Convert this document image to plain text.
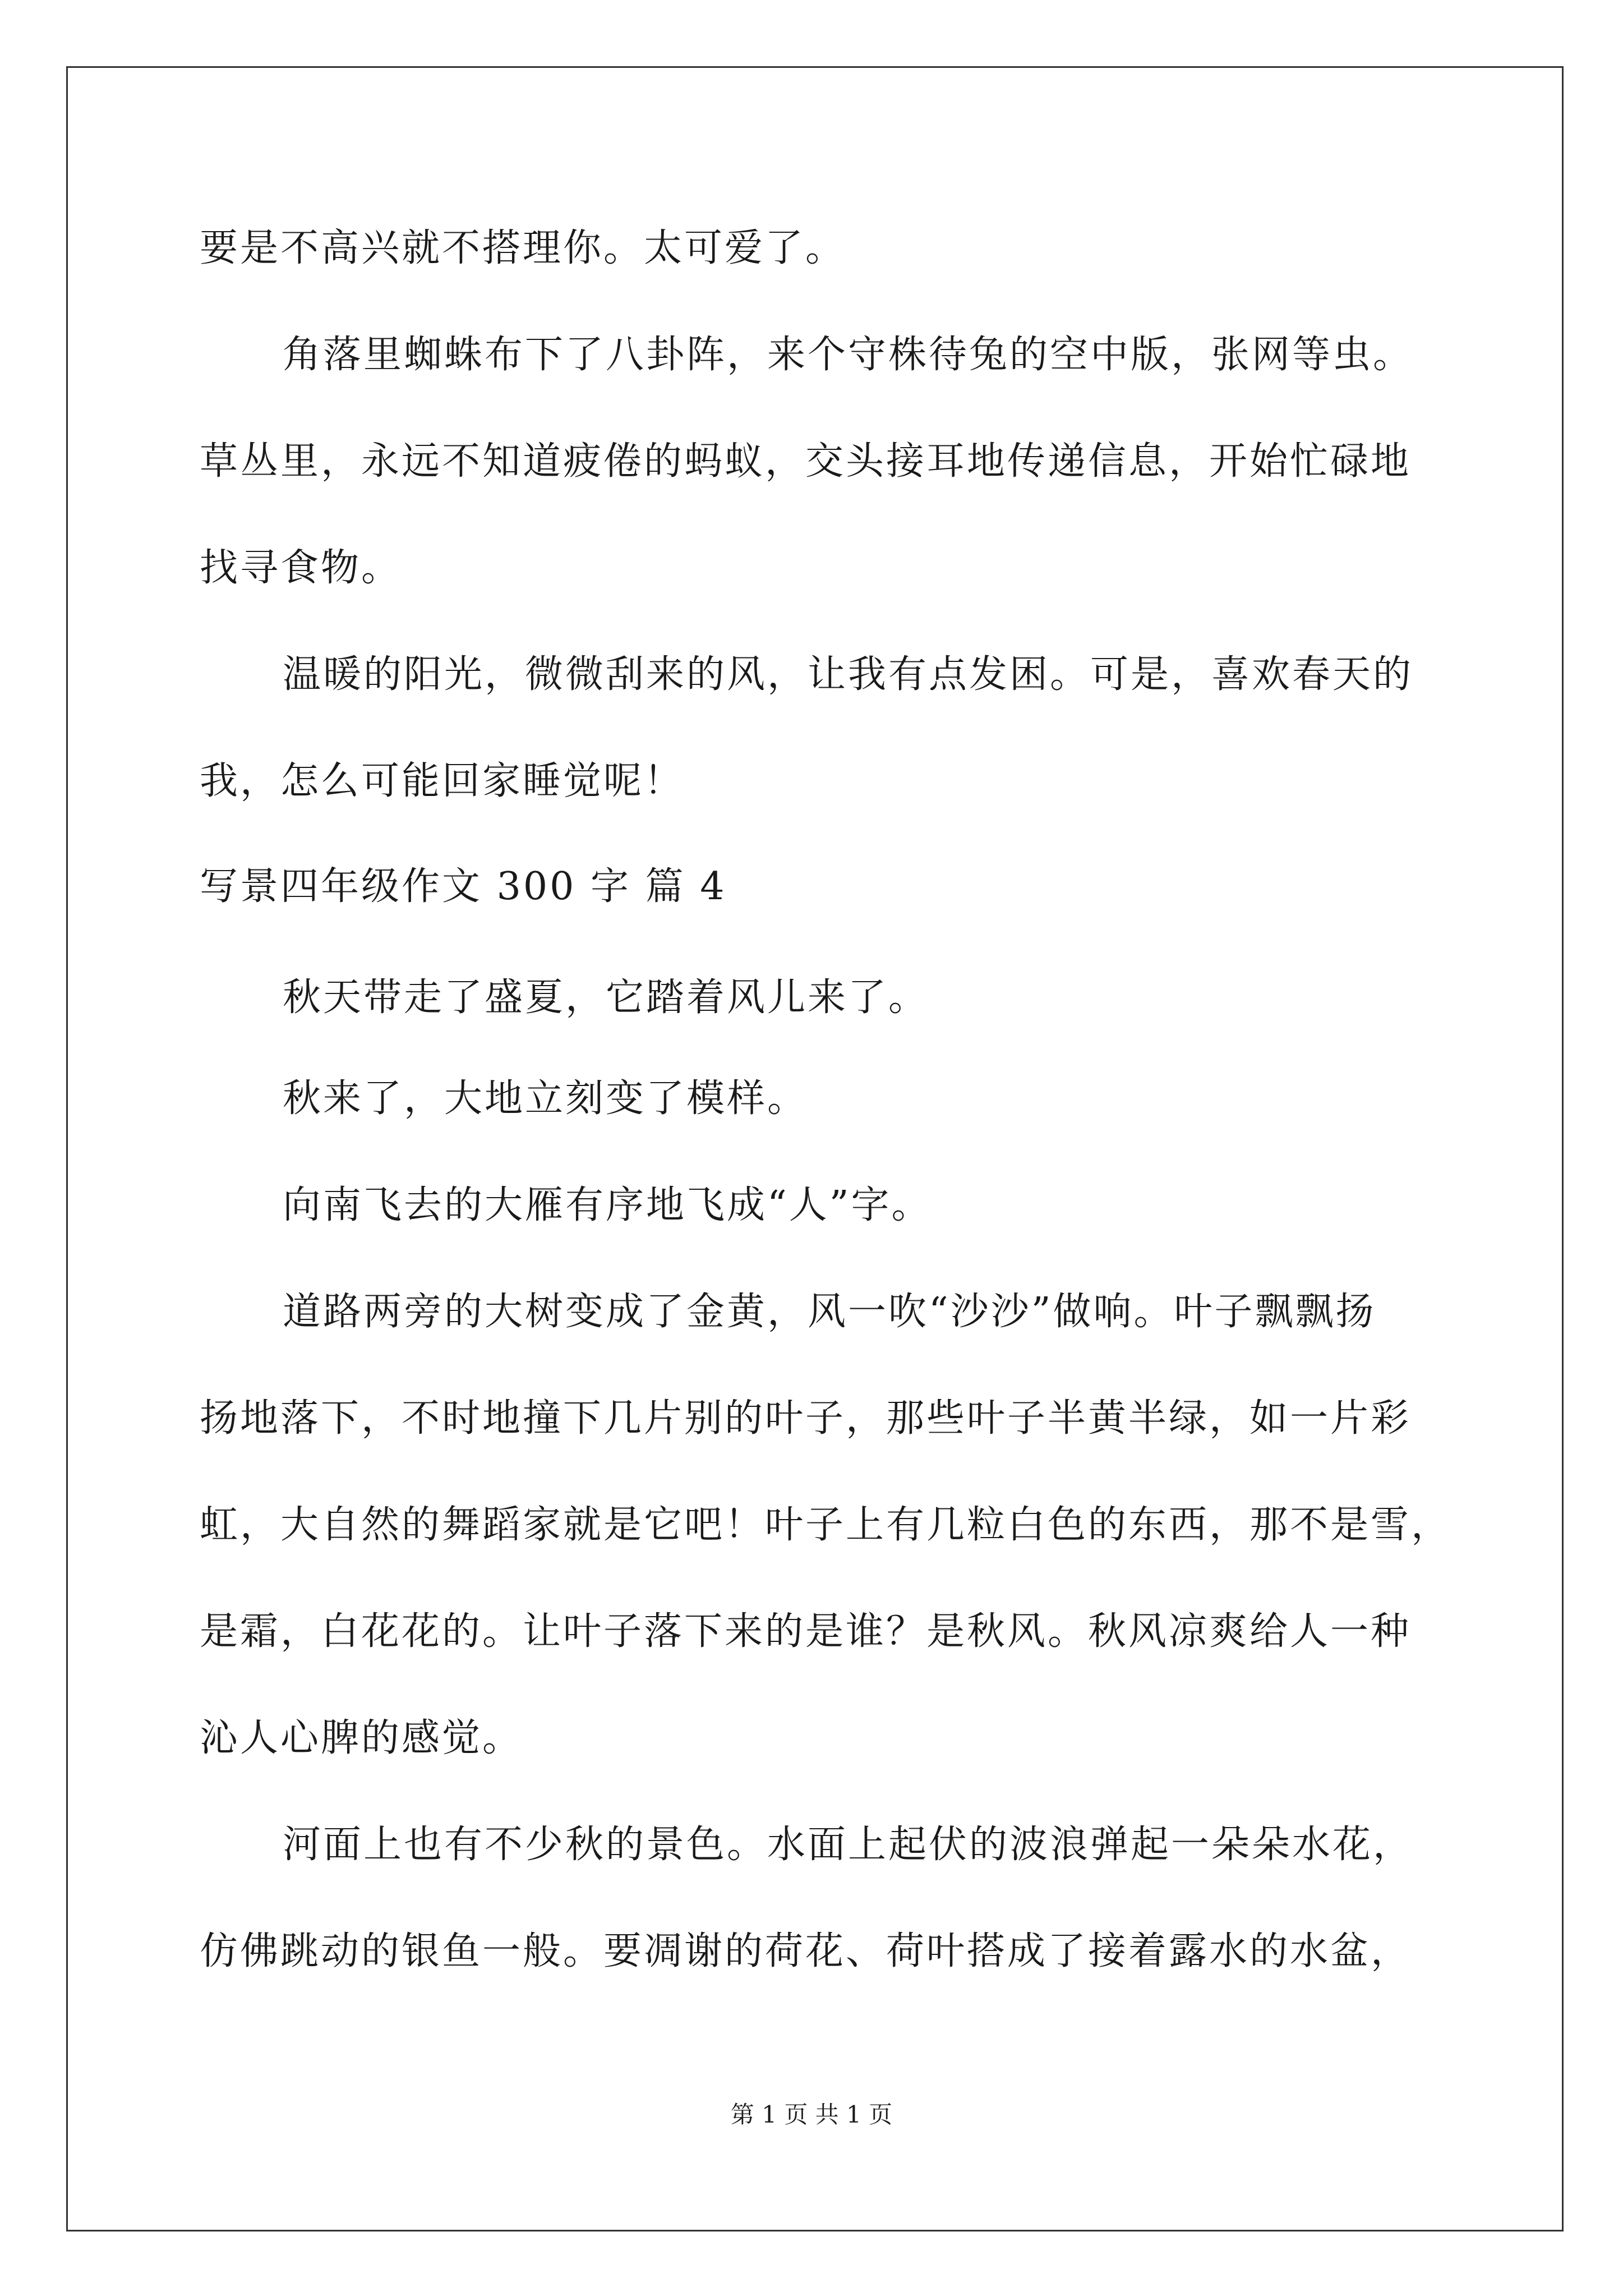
要是不高兴就不搭理你。太可爱了。
角落里蜘蛛布下了八卦阵，来个守株待兔的空中版，张网等虫。
草丛里，永远不知道疲倦的蚂蚁，交头接耳地传递信息，开始忙碌地
找寻食物。
温暖的阳光，微微刮来的风，让我有点发困。可是，喜欢春天的
我，怎么可能回家睡觉呢！
写景四年级作文 300 字 篇 4
秋天带走了盛夏，它踏着风儿来了。
秋来了，大地立刻变了模样。
向南飞去的大雁有序地飞成“人”字。
道路两旁的大树变成了金黄，风一吹“沙沙”做响。叶子飘飘扬
扬地落下，不时地撞下几片别的叶子，那些叶子半黄半绿，如一片彩
虹，大自然的舞蹈家就是它吧！叶子上有几粒白色的东西，那不是雪，
是霜，白花花的。让叶子落下来的是谁？是秋风。秋风凉爽给人一种
沁人心脾的感觉。
河面上也有不少秋的景色。水面上起伏的波浪弹起一朵朵水花，
仿佛跳动的银鱼一般。要凋谢的荷花、荷叶搭成了接着露水的水盆，
第 1 页 共 1 页
